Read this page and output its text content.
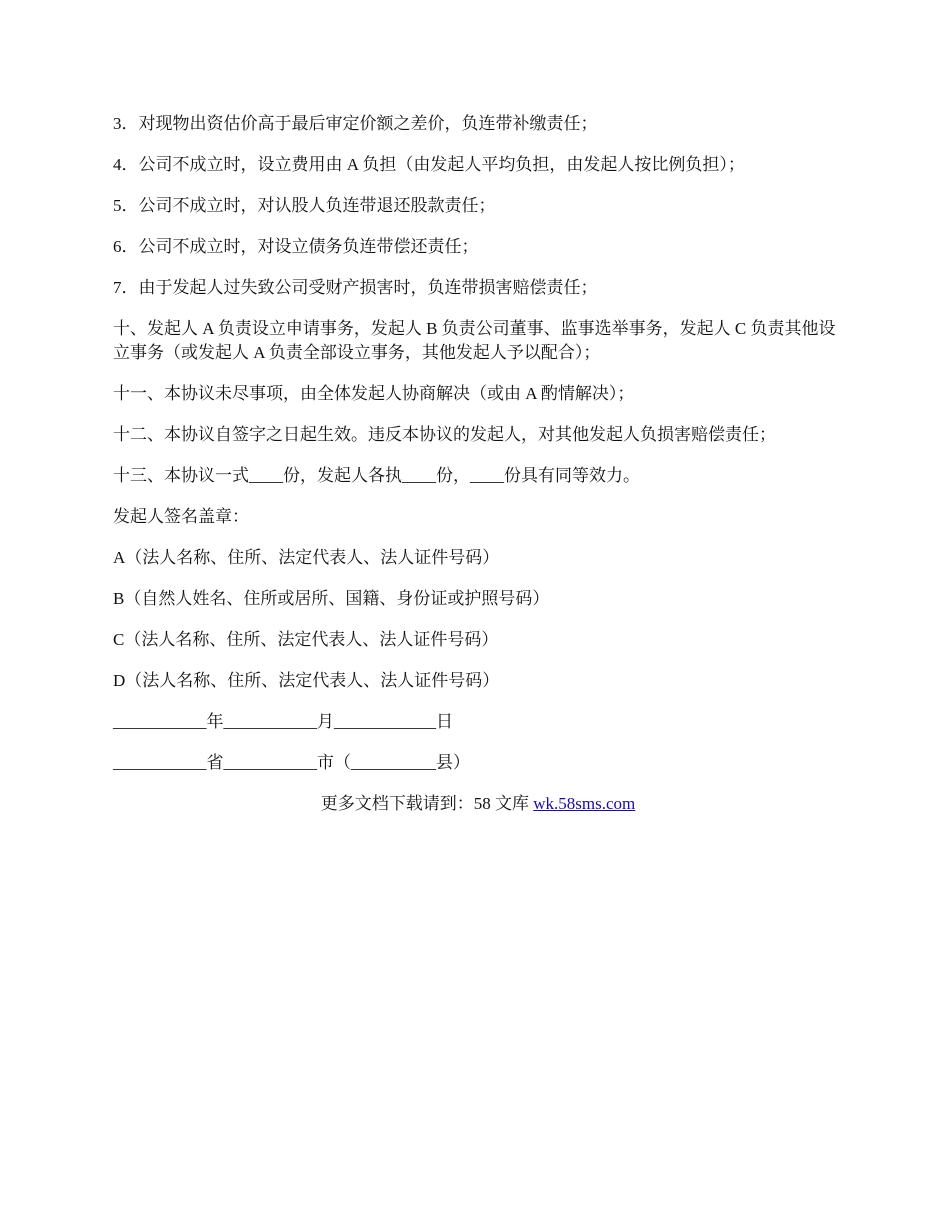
3．对现物出资估价高于最后审定价额之差价，负连带补缴责任；

4．公司不成立时，设立费用由 A 负担（由发起人平均负担，由发起人按比例负担）；

5．公司不成立时，对认股人负连带退还股款责任；

6．公司不成立时，对设立债务负连带偿还责任；

7．由于发起人过失致公司受财产损害时，负连带损害赔偿责任；

十、发起人 A 负责设立申请事务，发起人 B 负责公司董事、监事选举事务，发起人 C 负责其他设立事务（或发起人 A 负责全部设立事务，其他发起人予以配合）；

十一、本协议未尽事项，由全体发起人协商解决（或由 A 酌情解决）；

十二、本协议自签字之日起生效。违反本协议的发起人，对其他发起人负损害赔偿责任；

十三、本协议一式____份，发起人各执____份，____份具有同等效力。

发起人签名盖章：

A（法人名称、住所、法定代表人、法人证件号码）

B（自然人姓名、住所或居所、国籍、身份证或护照号码）

C（法人名称、住所、法定代表人、法人证件号码）

D（法人名称、住所、法定代表人、法人证件号码）

___________年___________月____________日

___________省___________市（__________县）

更多文档下载请到：58 文库 wk.58sms.com
